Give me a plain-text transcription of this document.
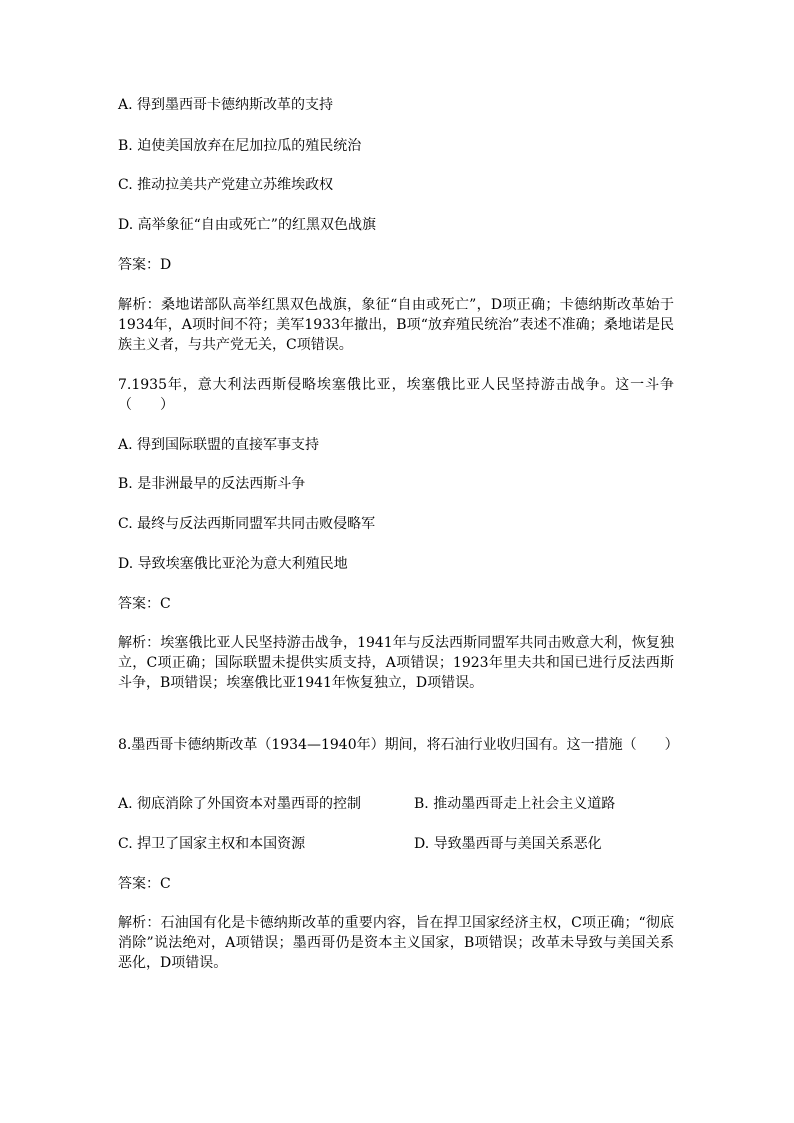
A. 得到墨西哥卡德纳斯改革的支持
B. 迫使美国放弃在尼加拉瓜的殖民统治
C. 推动拉美共产党建立苏维埃政权
D. 高举象征“自由或死亡”的红黑双色战旗
答案：D
解析：桑地诺部队高举红黑双色战旗，象征“自由或死亡”，D项正确；卡德纳斯改革始于1934年，A项时间不符；美军1933年撤出，B项“放弃殖民统治”表述不准确；桑地诺是民族主义者，与共产党无关，C项错误。
7.1935年，意大利法西斯侵略埃塞俄比亚，埃塞俄比亚人民坚持游击战争。这一斗争（　　）
A. 得到国际联盟的直接军事支持
B. 是非洲最早的反法西斯斗争
C. 最终与反法西斯同盟军共同击败侵略军
D. 导致埃塞俄比亚沦为意大利殖民地
答案：C
解析：埃塞俄比亚人民坚持游击战争，1941年与反法西斯同盟军共同击败意大利，恢复独立，C项正确；国际联盟未提供实质支持，A项错误；1923年里夫共和国已进行反法西斯斗争，B项错误；埃塞俄比亚1941年恢复独立，D项错误。
8.墨西哥卡德纳斯改革（1934—1940年）期间，将石油行业收归国有。这一措施（　　）
A. 彻底消除了外国资本对墨西哥的控制	B. 推动墨西哥走上社会主义道路
C. 捍卫了国家主权和本国资源	D. 导致墨西哥与美国关系恶化
答案：C
解析：石油国有化是卡德纳斯改革的重要内容，旨在捍卫国家经济主权，C项正确；“彻底消除”说法绝对，A项错误；墨西哥仍是资本主义国家，B项错误；改革未导致与美国关系恶化，D项错误。
